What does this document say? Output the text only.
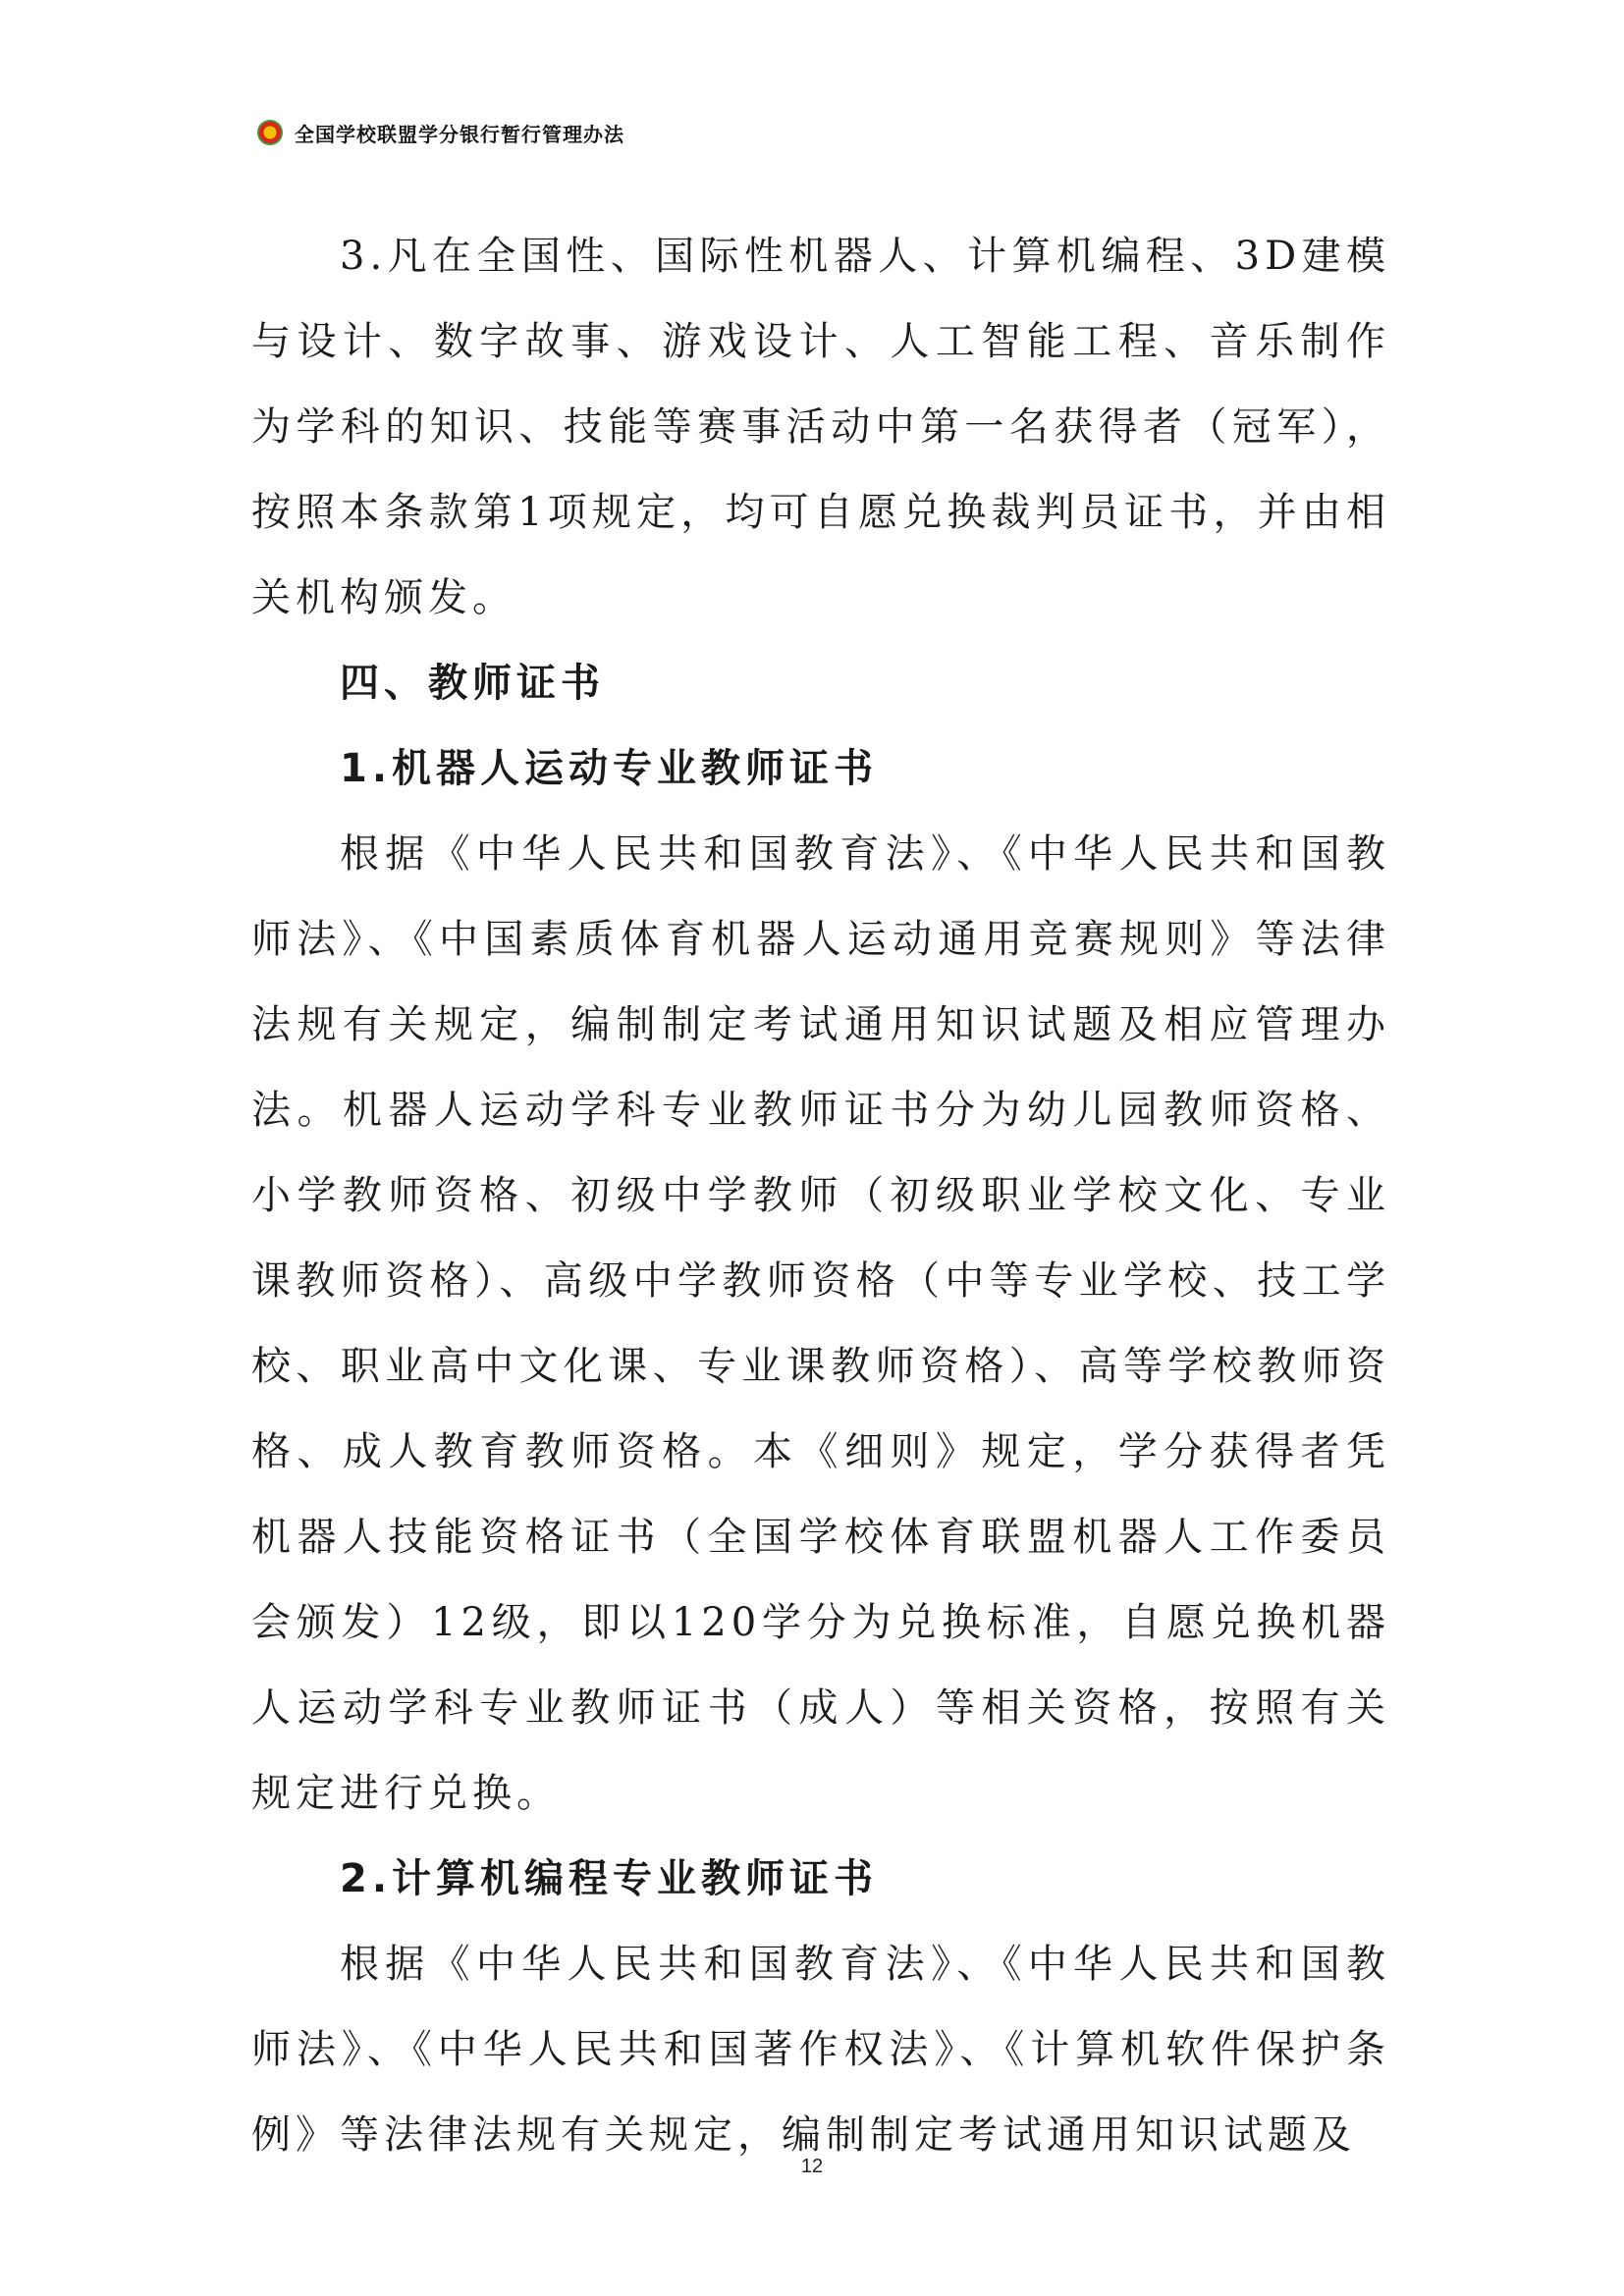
全国学校联盟学分银行暂行管理办法

3.凡在全国性、国际性机器人、计算机编程、3D建模与设计、数字故事、游戏设计、人工智能工程、音乐制作为学科的知识、技能等赛事活动中第一名获得者（冠军），按照本条款第1项规定，均可自愿兑换裁判员证书，并由相关机构颁发。

四、教师证书

1.机器人运动专业教师证书

根据《中华人民共和国教育法》、《中华人民共和国教师法》、《中国素质体育机器人运动通用竞赛规则》等法律法规有关规定，编制制定考试通用知识试题及相应管理办法。机器人运动学科专业教师证书分为幼儿园教师资格、小学教师资格、初级中学教师（初级职业学校文化、专业课教师资格）、高级中学教师资格（中等专业学校、技工学校、职业高中文化课、专业课教师资格）、高等学校教师资格、成人教育教师资格。本《细则》规定，学分获得者凭机器人技能资格证书（全国学校体育联盟机器人工作委员会颁发）12级，即以120学分为兑换标准，自愿兑换机器人运动学科专业教师证书（成人）等相关资格，按照有关规定进行兑换。

2.计算机编程专业教师证书

根据《中华人民共和国教育法》、《中华人民共和国教师法》、《中华人民共和国著作权法》、《计算机软件保护条例》等法律法规有关规定，编制制定考试通用知识试题及

12
